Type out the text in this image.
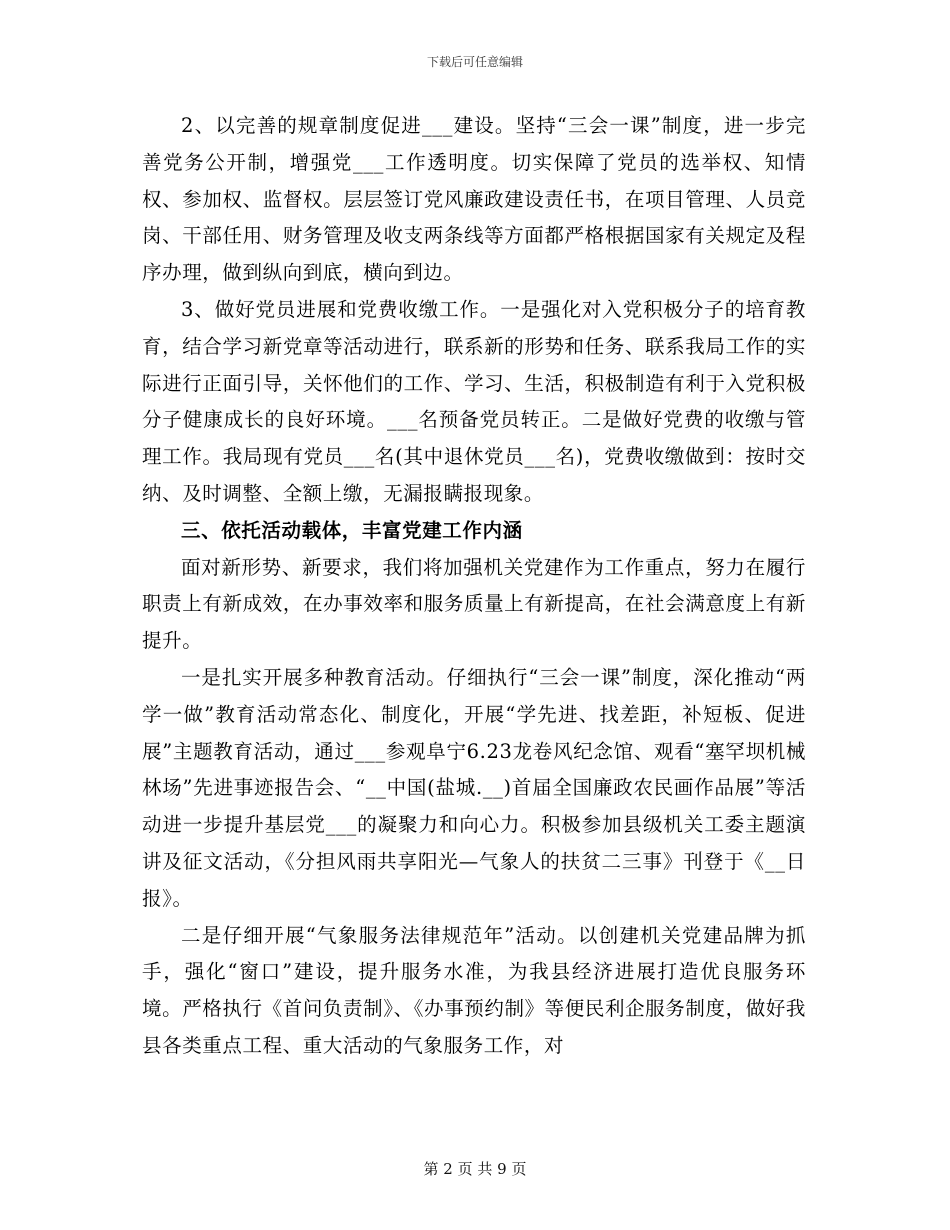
下载后可任意编辑

2、以完善的规章制度促进___建设。坚持“三会一课”制度，进一步完善党务公开制，增强党___工作透明度。切实保障了党员的选举权、知情权、参加权、监督权。层层签订党风廉政建设责任书，在项目管理、人员竞岗、干部任用、财务管理及收支两条线等方面都严格根据国家有关规定及程序办理，做到纵向到底，横向到边。

3、做好党员进展和党费收缴工作。一是强化对入党积极分子的培育教育，结合学习新党章等活动进行，联系新的形势和任务、联系我局工作的实际进行正面引导，关怀他们的工作、学习、生活，积极制造有利于入党积极分子健康成长的良好环境。___名预备党员转正。二是做好党费的收缴与管理工作。我局现有党员___名(其中退休党员___名)，党费收缴做到：按时交纳、及时调整、全额上缴，无漏报瞒报现象。

三、依托活动载体，丰富党建工作内涵

面对新形势、新要求，我们将加强机关党建作为工作重点，努力在履行职责上有新成效，在办事效率和服务质量上有新提高，在社会满意度上有新提升。

一是扎实开展多种教育活动。仔细执行“三会一课”制度，深化推动“两学一做”教育活动常态化、制度化，开展“学先进、找差距，补短板、促进展”主题教育活动，通过___参观阜宁6.23龙卷风纪念馆、观看“塞罕坝机械林场”先进事迹报告会、“__中国(盐城.__)首届全国廉政农民画作品展”等活动进一步提升基层党___的凝聚力和向心力。积极参加县级机关工委主题演讲及征文活动，《分担风雨共享阳光—气象人的扶贫二三事》刊登于《__日报》。

二是仔细开展“气象服务法律规范年”活动。以创建机关党建品牌为抓手，强化“窗口”建设，提升服务水准，为我县经济进展打造优良服务环境。严格执行《首问负责制》、《办事预约制》等便民利企服务制度，做好我县各类重点工程、重大活动的气象服务工作，对

第 2 页 共 9 页
